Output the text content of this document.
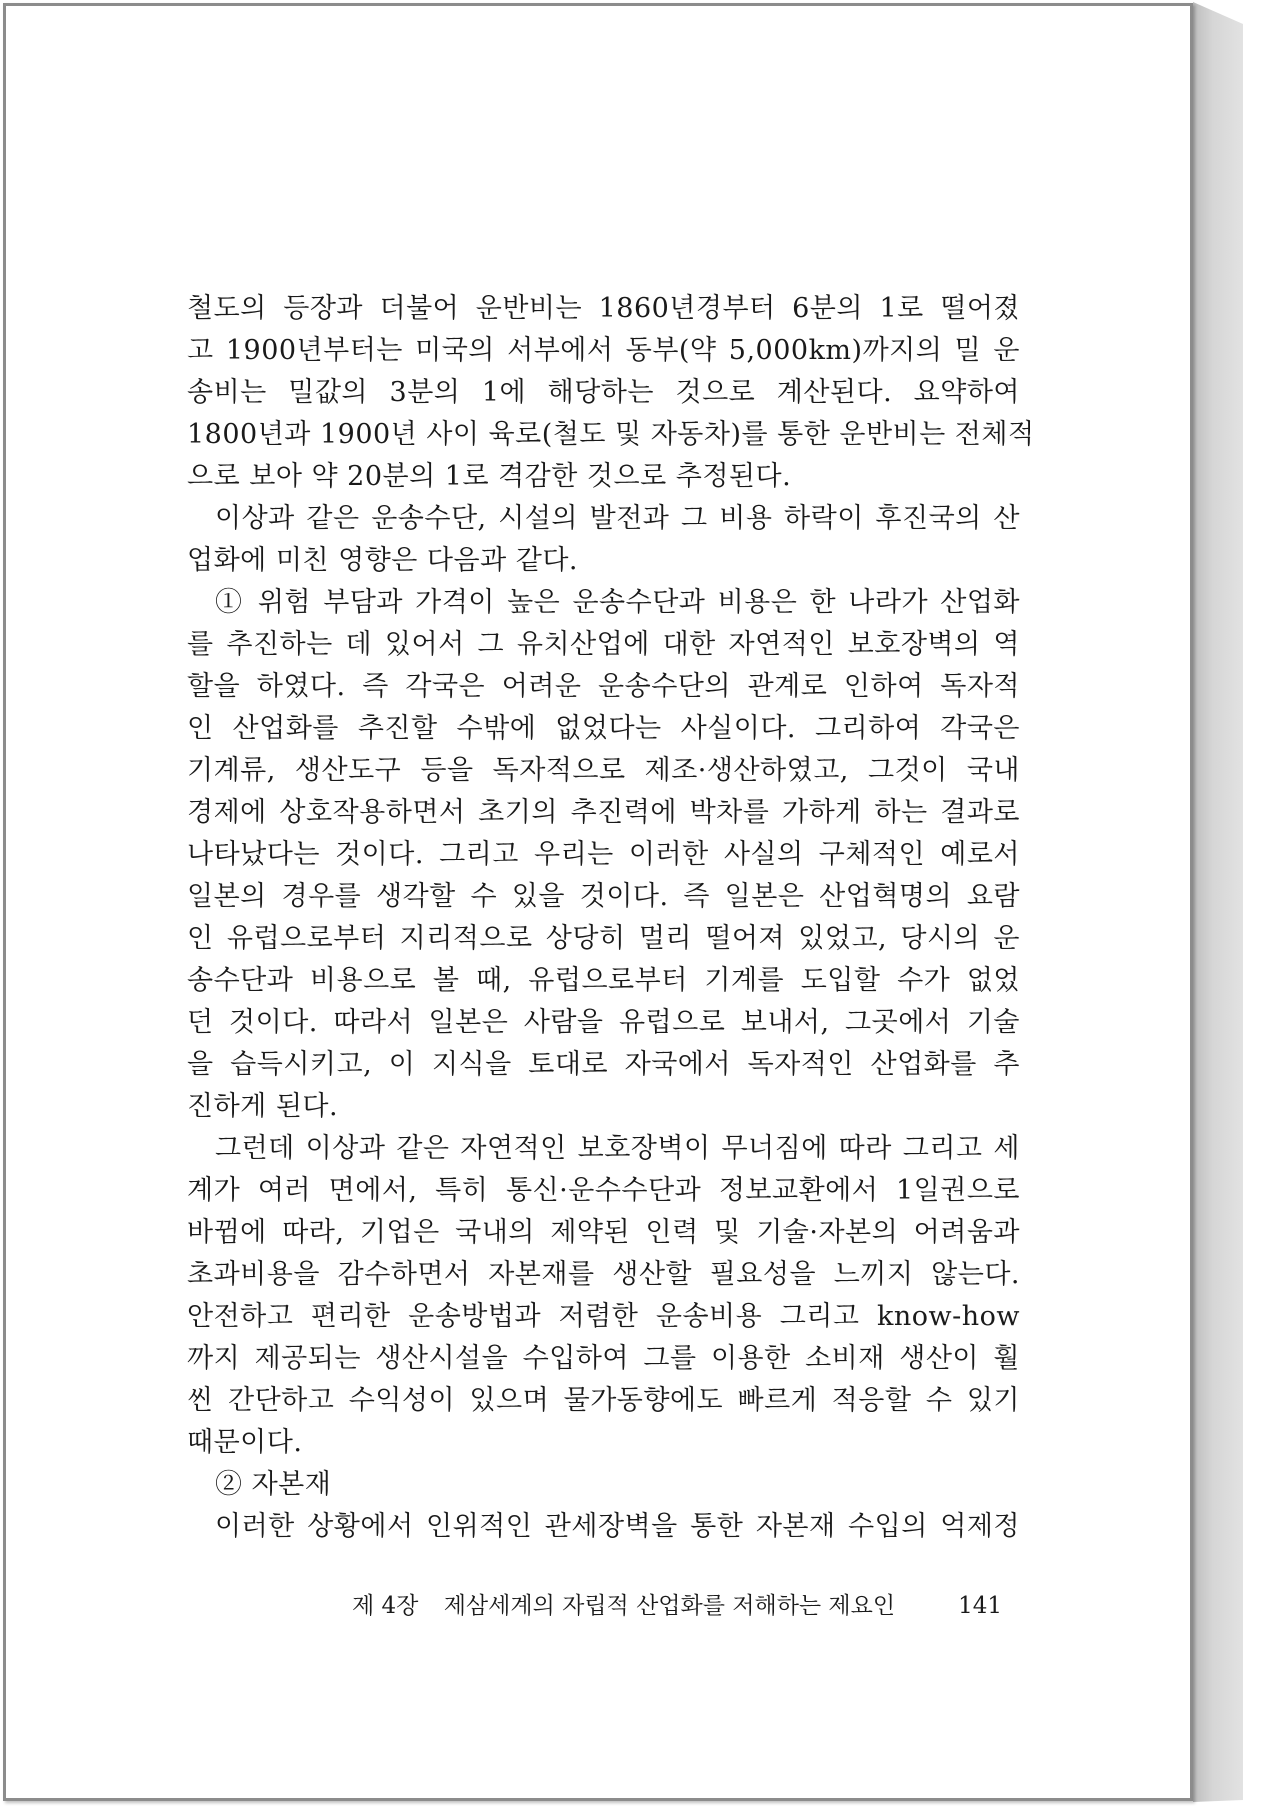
철도의 등장과 더불어 운반비는 1860년경부터 6분의 1로 떨어졌
고 1900년부터는 미국의 서부에서 동부(약 5,000km)까지의 밀 운
송비는 밀값의 3분의 1에 해당하는 것으로 계산된다. 요약하여
1800년과 1900년 사이 육로(철도 및 자동차)를 통한 운반비는 전체적
으로 보아 약 20분의 1로 격감한 것으로 추정된다.
이상과 같은 운송수단, 시설의 발전과 그 비용 하락이 후진국의 산
업화에 미친 영향은 다음과 같다.
① 위험 부담과 가격이 높은 운송수단과 비용은 한 나라가 산업화
를 추진하는 데 있어서 그 유치산업에 대한 자연적인 보호장벽의 역
할을 하였다. 즉 각국은 어려운 운송수단의 관계로 인하여 독자적
인 산업화를 추진할 수밖에 없었다는 사실이다. 그리하여 각국은
기계류, 생산도구 등을 독자적으로 제조·생산하였고, 그것이 국내
경제에 상호작용하면서 초기의 추진력에 박차를 가하게 하는 결과로
나타났다는 것이다. 그리고 우리는 이러한 사실의 구체적인 예로서
일본의 경우를 생각할 수 있을 것이다. 즉 일본은 산업혁명의 요람
인 유럽으로부터 지리적으로 상당히 멀리 떨어져 있었고, 당시의 운
송수단과 비용으로 볼 때, 유럽으로부터 기계를 도입할 수가 없었
던 것이다. 따라서 일본은 사람을 유럽으로 보내서, 그곳에서 기술
을 습득시키고, 이 지식을 토대로 자국에서 독자적인 산업화를 추
진하게 된다.
그런데 이상과 같은 자연적인 보호장벽이 무너짐에 따라 그리고 세
계가 여러 면에서, 특히 통신·운수수단과 정보교환에서 1일권으로
바뀜에 따라, 기업은 국내의 제약된 인력 및 기술·자본의 어려움과
초과비용을 감수하면서 자본재를 생산할 필요성을 느끼지 않는다.
안전하고 편리한 운송방법과 저렴한 운송비용 그리고 know-how
까지 제공되는 생산시설을 수입하여 그를 이용한 소비재 생산이 훨
씬 간단하고 수익성이 있으며 물가동향에도 빠르게 적응할 수 있기
때문이다.
② 자본재
이러한 상황에서 인위적인 관세장벽을 통한 자본재 수입의 억제정
제 4장 제삼세계의 자립적 산업화를 저해하는 제요인	141
